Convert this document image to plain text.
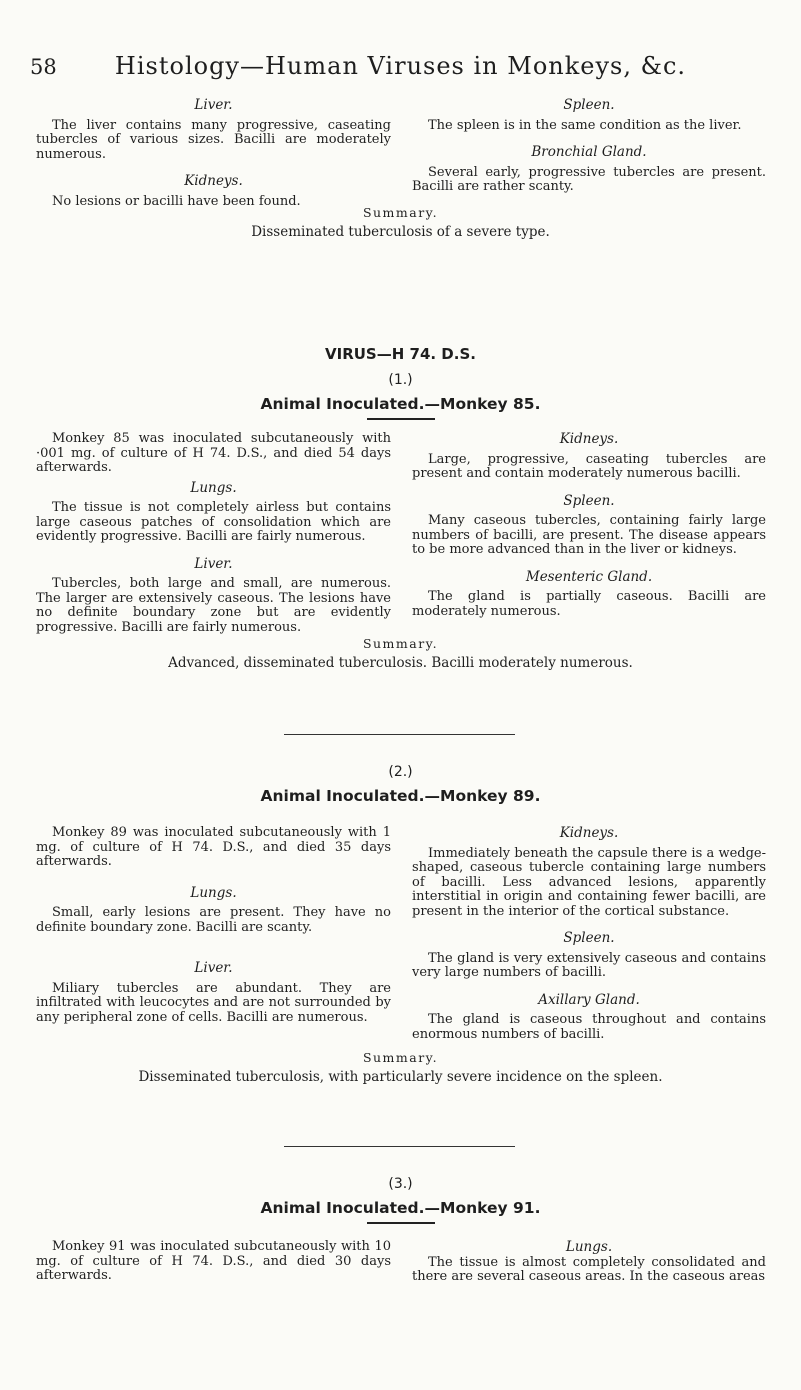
58	Histology—Human Viruses in Monkeys, &c.
Liver.

The liver contains many progressive, caseating tubercles of various sizes. Bacilli are moderately numerous.

Kidneys.

No lesions or bacilli have been found.

Spleen.

The spleen is in the same condition as the liver.

Bronchial Gland.

Several early, progressive tubercles are present. Bacilli are rather scanty.

Summary.
Disseminated tuberculosis of a severe type.
VIRUS—H 74. D.S.
(1.)
Animal Inoculated.—Monkey 85.

Monkey 85 was inoculated subcutaneously with ·001 mg. of culture of H 74. D.S., and died 54 days afterwards.

Lungs.

The tissue is not completely airless but contains large caseous patches of consolidation which are evidently progressive. Bacilli are fairly numerous.

Liver.

Tubercles, both large and small, are numerous. The larger are extensively caseous. The lesions have no definite boundary zone but are evidently progressive. Bacilli are fairly numerous.

Kidneys.

Large, progressive, caseating tubercles are present and contain moderately numerous bacilli.

Spleen.

Many caseous tubercles, containing fairly large numbers of bacilli, are present. The disease appears to be more advanced than in the liver or kidneys.

Mesenteric Gland.

The gland is partially caseous. Bacilli are moderately numerous.

Summary.
Advanced, disseminated tuberculosis. Bacilli moderately numerous.
(2.)
Animal Inoculated.—Monkey 89.

Monkey 89 was inoculated subcutaneously with 1 mg. of culture of H 74. D.S., and died 35 days afterwards.

Lungs.

Small, early lesions are present. They have no definite boundary zone. Bacilli are scanty.

Liver.

Miliary tubercles are abundant. They are infiltrated with leucocytes and are not surrounded by any peripheral zone of cells. Bacilli are numerous.

Kidneys.

Immediately beneath the capsule there is a wedge-shaped, caseous tubercle containing large numbers of bacilli. Less advanced lesions, apparently interstitial in origin and containing fewer bacilli, are present in the interior of the cortical substance.

Spleen.

The gland is very extensively caseous and contains very large numbers of bacilli.

Axillary Gland.

The gland is caseous throughout and contains enormous numbers of bacilli.

Summary.
Disseminated tuberculosis, with particularly severe incidence on the spleen.
(3.)
Animal Inoculated.—Monkey 91.

Monkey 91 was inoculated subcutaneously with 10 mg. of culture of H 74. D.S., and died 30 days afterwards.

Lungs.

The tissue is almost completely consolidated and there are several caseous areas. In the caseous areas
